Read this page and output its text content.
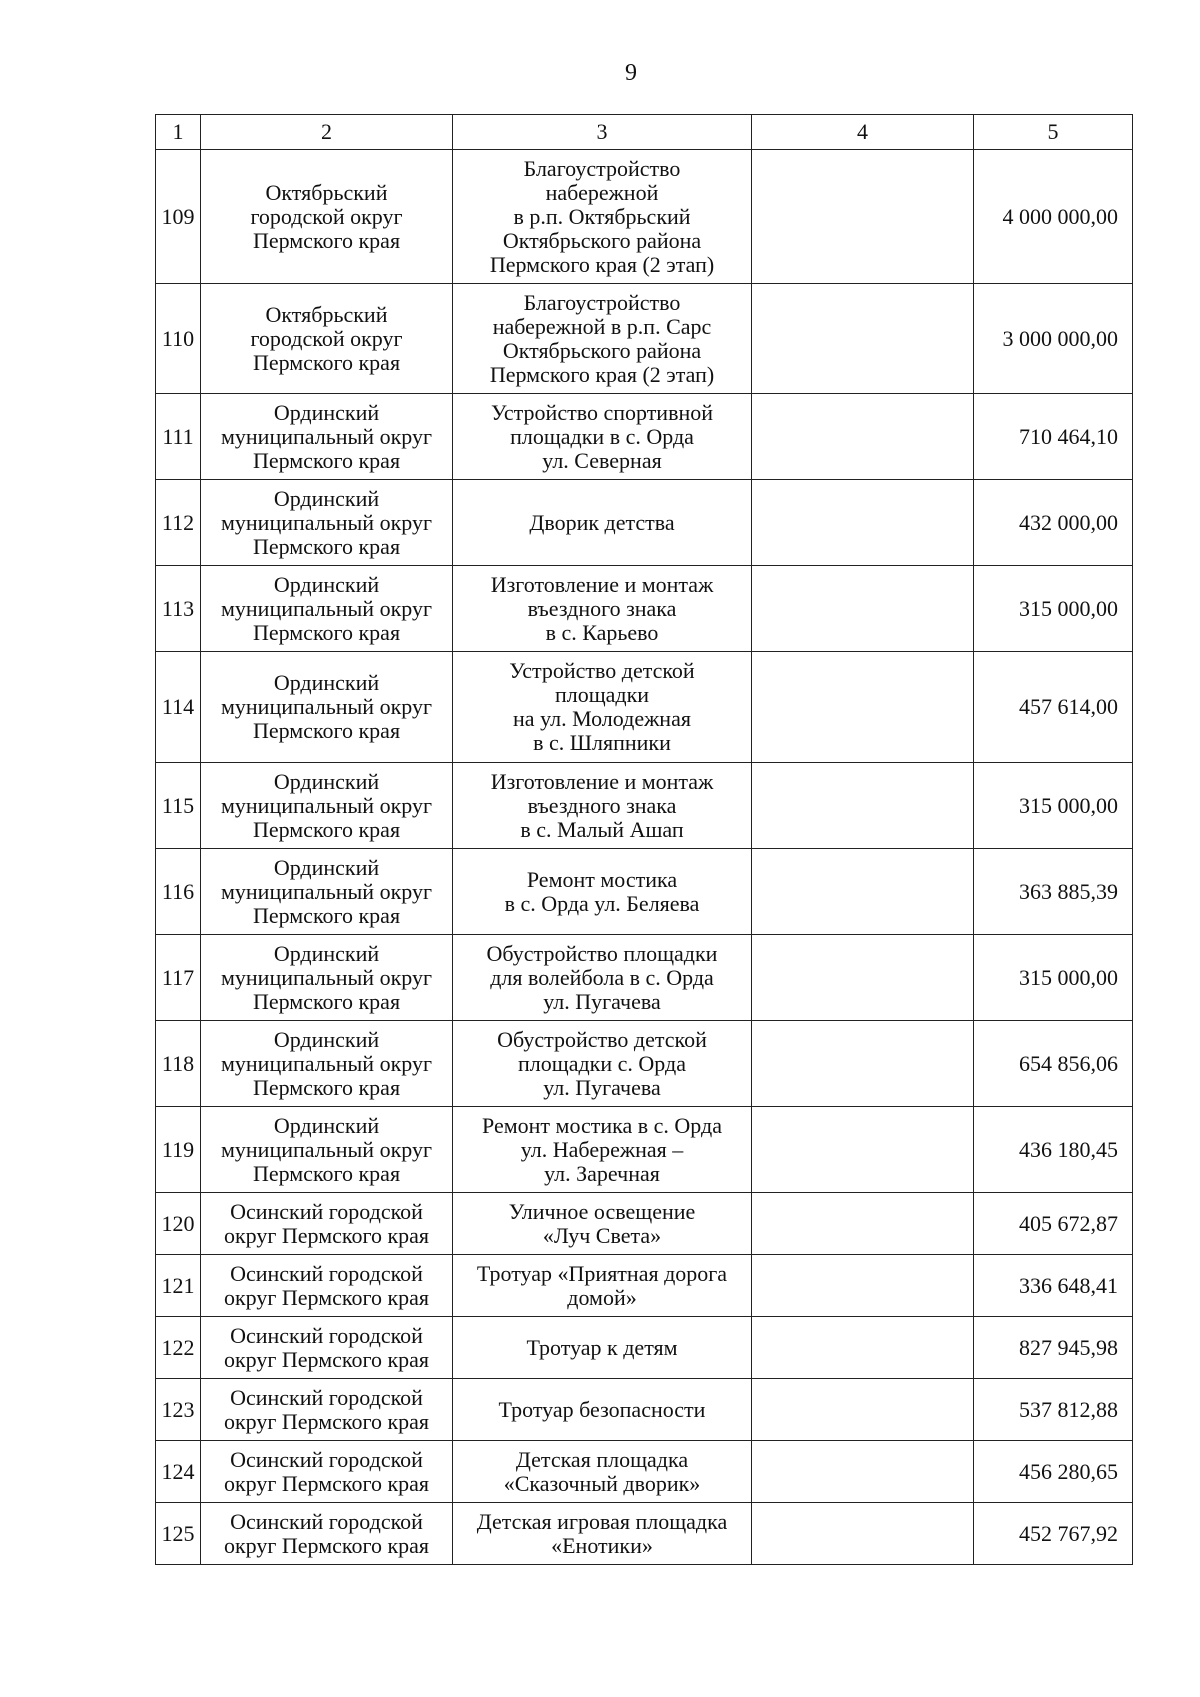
9
1	2	3	4	5
109	Октябрьский
городской округ
Пермского края	Благоустройство
набережной
в р.п. Октябрьский
Октябрьского района
Пермского края (2 этап)		4 000 000,00
110	Октябрьский
городской округ
Пермского края	Благоустройство
набережной в р.п. Сарс
Октябрьского района
Пермского края (2 этап)		3 000 000,00
111	Ординский
муниципальный округ
Пермского края	Устройство спортивной
площадки в с. Орда
ул. Северная		710 464,10
112	Ординский
муниципальный округ
Пермского края	Дворик детства		432 000,00
113	Ординский
муниципальный округ
Пермского края	Изготовление и монтаж
въездного знака
в с. Карьево		315 000,00
114	Ординский
муниципальный округ
Пермского края	Устройство детской
площадки
на ул. Молодежная
в с. Шляпники		457 614,00
115	Ординский
муниципальный округ
Пермского края	Изготовление и монтаж
въездного знака
в с. Малый Ашап		315 000,00
116	Ординский
муниципальный округ
Пермского края	Ремонт мостика
в с. Орда ул. Беляева		363 885,39
117	Ординский
муниципальный округ
Пермского края	Обустройство площадки
для волейбола в с. Орда
ул. Пугачева		315 000,00
118	Ординский
муниципальный округ
Пермского края	Обустройство детской
площадки с. Орда
ул. Пугачева		654 856,06
119	Ординский
муниципальный округ
Пермского края	Ремонт мостика в с. Орда
ул. Набережная –
ул. Заречная		436 180,45
120	Осинский городской
округ Пермского края	Уличное освещение
«Луч Света»		405 672,87
121	Осинский городской
округ Пермского края	Тротуар «Приятная дорога
домой»		336 648,41
122	Осинский городской
округ Пермского края	Тротуар к детям		827 945,98
123	Осинский городской
округ Пермского края	Тротуар безопасности		537 812,88
124	Осинский городской
округ Пермского края	Детская площадка
«Сказочный дворик»		456 280,65
125	Осинский городской
округ Пермского края	Детская игровая площадка
«Енотики»		452 767,92
